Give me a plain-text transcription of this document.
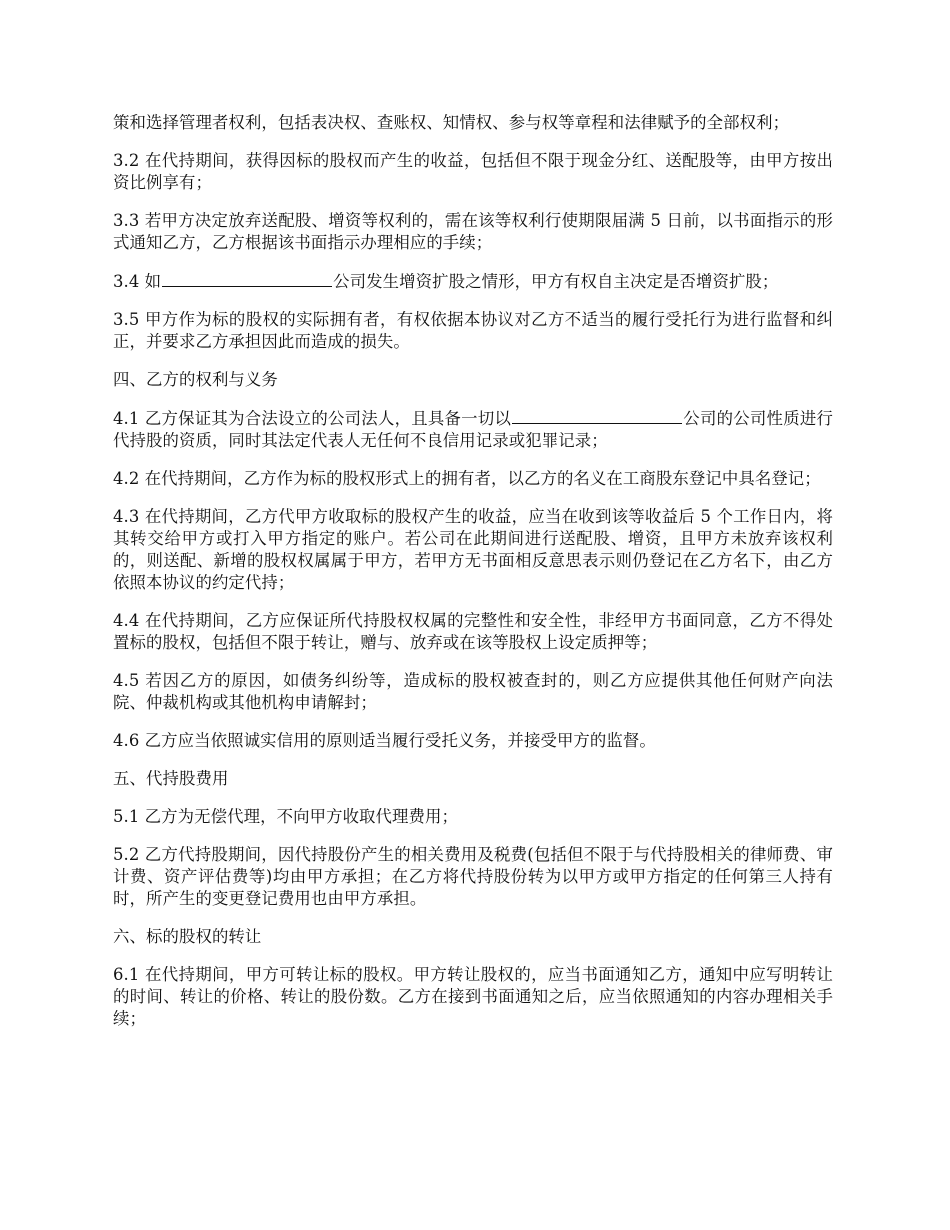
策和选择管理者权利，包括表决权、查账权、知情权、参与权等章程和法律赋予的全部权利；

3.2 在代持期间，获得因标的股权而产生的收益，包括但不限于现金分红、送配股等，由甲方按出资比例享有；

3.3 若甲方决定放弃送配股、增资等权利的，需在该等权利行使期限届满 5 日前，以书面指示的形式通知乙方，乙方根据该书面指示办理相应的手续；

3.4 如	公司发生增资扩股之情形，甲方有权自主决定是否增资扩股；

3.5 甲方作为标的股权的实际拥有者，有权依据本协议对乙方不适当的履行受托行为进行监督和纠正，并要求乙方承担因此而造成的损失。

四、乙方的权利与义务

4.1 乙方保证其为合法设立的公司法人，且具备一切以	公司的公司性质进行代持股的资质，同时其法定代表人无任何不良信用记录或犯罪记录；

4.2 在代持期间，乙方作为标的股权形式上的拥有者，以乙方的名义在工商股东登记中具名登记；

4.3 在代持期间，乙方代甲方收取标的股权产生的收益，应当在收到该等收益后 5 个工作日内，将其转交给甲方或打入甲方指定的账户。若公司在此期间进行送配股、增资，且甲方未放弃该权利的，则送配、新增的股权权属属于甲方，若甲方无书面相反意思表示则仍登记在乙方名下，由乙方依照本协议的约定代持；

4.4 在代持期间，乙方应保证所代持股权权属的完整性和安全性，非经甲方书面同意，乙方不得处置标的股权，包括但不限于转让，赠与、放弃或在该等股权上设定质押等；

4.5 若因乙方的原因，如债务纠纷等，造成标的股权被查封的，则乙方应提供其他任何财产向法院、仲裁机构或其他机构申请解封；

4.6 乙方应当依照诚实信用的原则适当履行受托义务，并接受甲方的监督。

五、代持股费用

5.1 乙方为无偿代理，不向甲方收取代理费用；

5.2 乙方代持股期间，因代持股份产生的相关费用及税费(包括但不限于与代持股相关的律师费、审计费、资产评估费等)均由甲方承担；在乙方将代持股份转为以甲方或甲方指定的任何第三人持有时，所产生的变更登记费用也由甲方承担。

六、标的股权的转让

6.1 在代持期间，甲方可转让标的股权。甲方转让股权的，应当书面通知乙方，通知中应写明转让的时间、转让的价格、转让的股份数。乙方在接到书面通知之后，应当依照通知的内容办理相关手续；
